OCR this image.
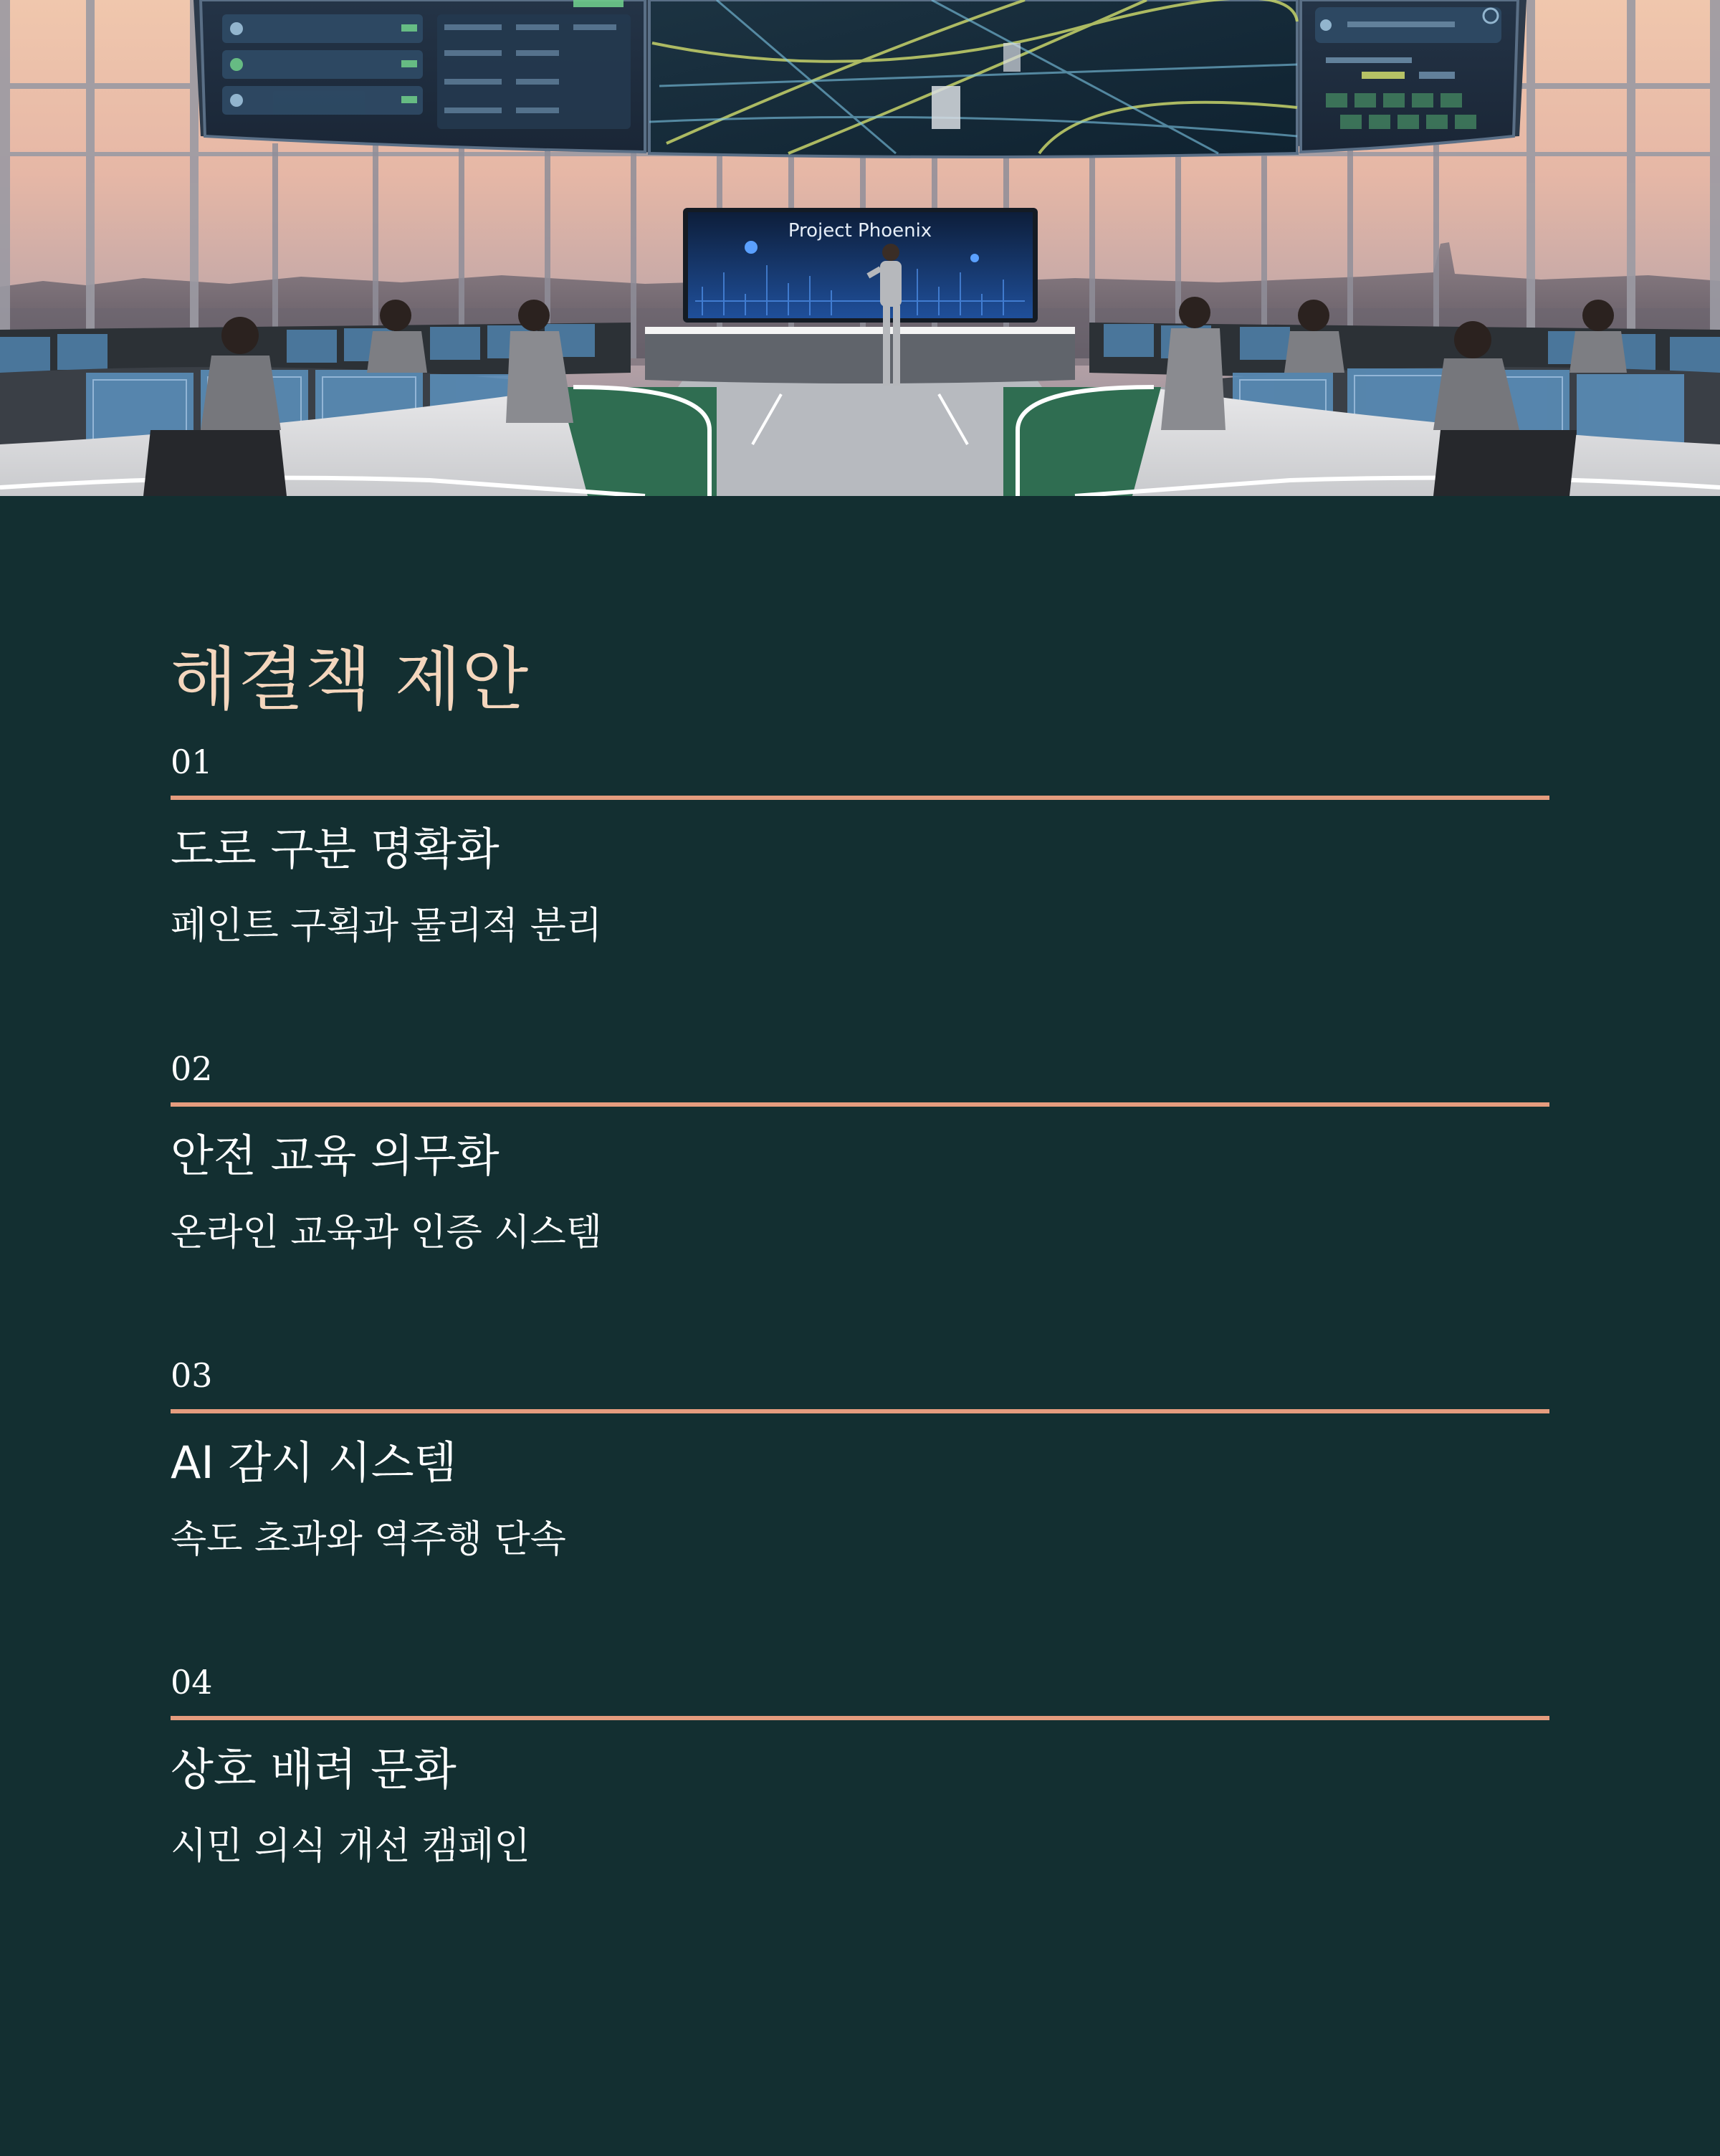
Project Phoenix
해결책 제안
01
도로 구분 명확화
페인트 구획과 물리적 분리
02
안전 교육 의무화
온라인 교육과 인증 시스템
03
AI 감시 시스템
속도 초과와 역주행 단속
04
상호 배려 문화
시민 의식 개선 캠페인
